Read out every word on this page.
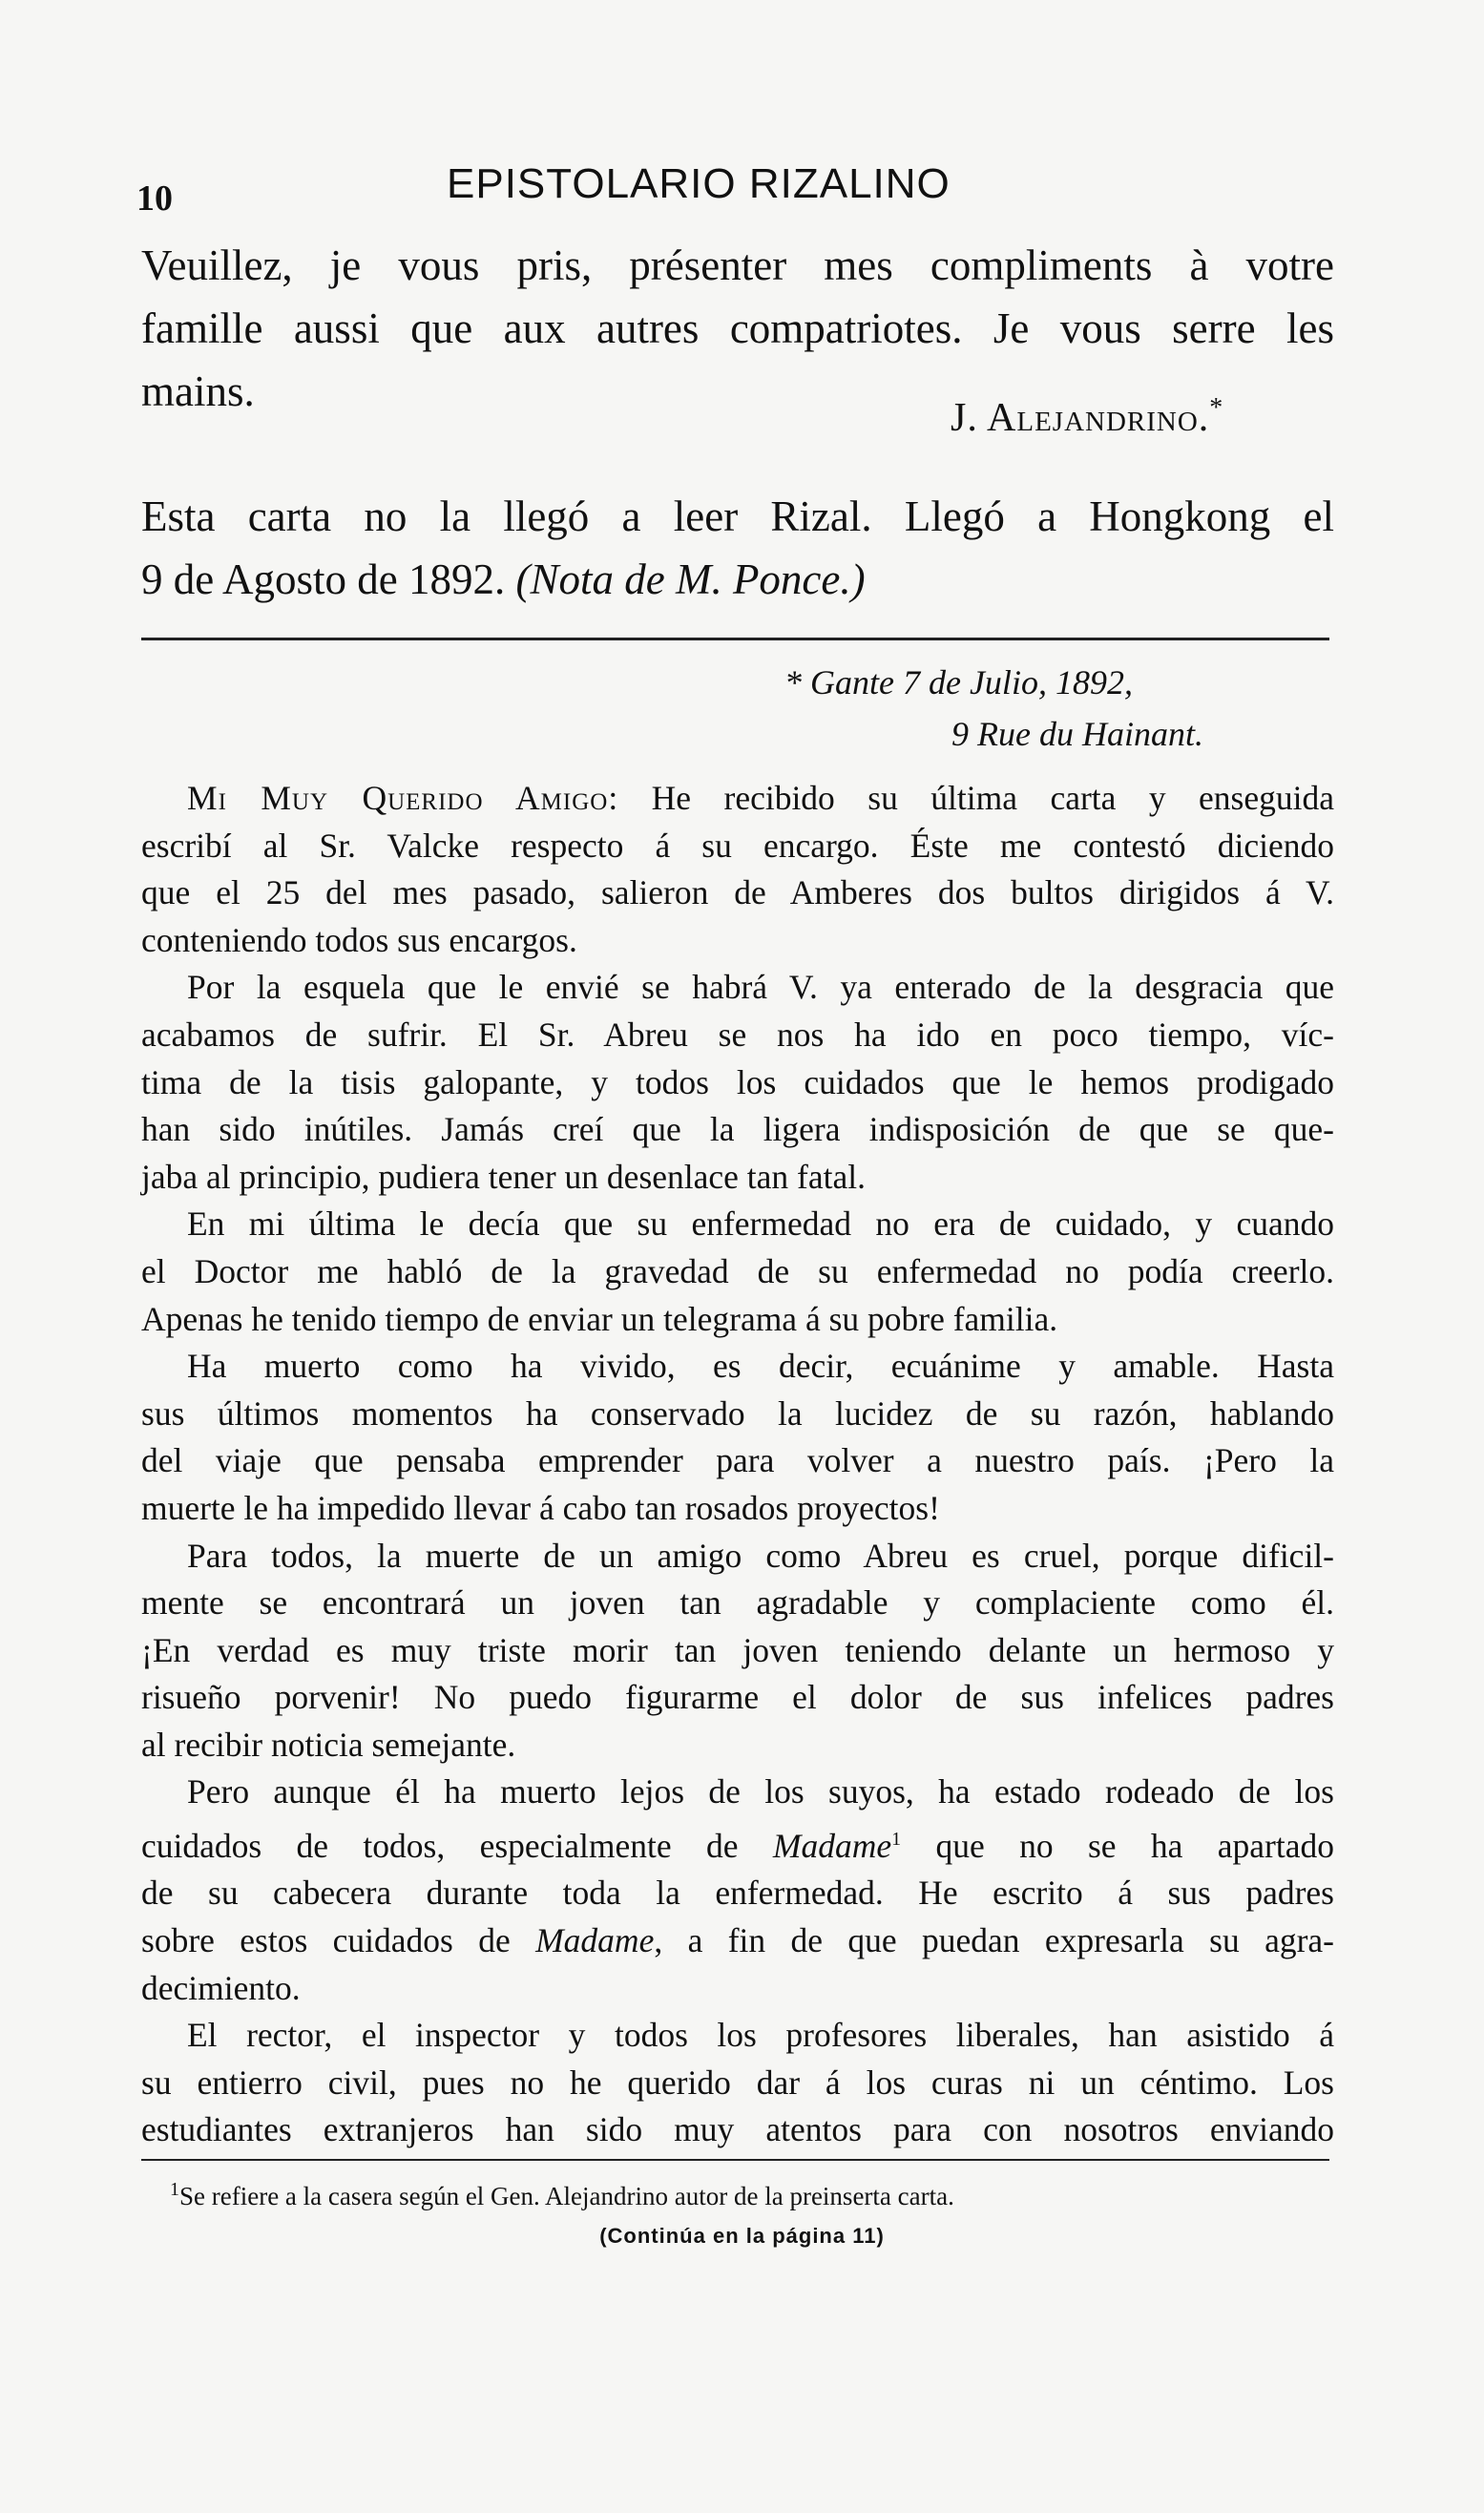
10	EPISTOLARIO RIZALINO
Veuillez, je vous pris, présenter mes compliments à votre
famille aussi que aux autres compatriotes. Je vous serre les
mains.
J. Alejandrino.*
Esta carta no la llegó a leer Rizal. Llegó a Hongkong el
9 de Agosto de 1892. (Nota de M. Ponce.)
* Gante 7 de Julio, 1892,
9 Rue du Hainant.
Mi Muy Querido Amigo: He recibido su última carta y enseguida
escribí al Sr. Valcke respecto á su encargo. Éste me contestó diciendo
que el 25 del mes pasado, salieron de Amberes dos bultos dirigidos á V.
conteniendo todos sus encargos.
Por la esquela que le envié se habrá V. ya enterado de la desgracia que
acabamos de sufrir. El Sr. Abreu se nos ha ido en poco tiempo, víc-
tima de la tisis galopante, y todos los cuidados que le hemos prodigado
han sido inútiles. Jamás creí que la ligera indisposición de que se que-
jaba al principio, pudiera tener un desenlace tan fatal.
En mi última le decía que su enfermedad no era de cuidado, y cuando
el Doctor me habló de la gravedad de su enfermedad no podía creerlo.
Apenas he tenido tiempo de enviar un telegrama á su pobre familia.
Ha muerto como ha vivido, es decir, ecuánime y amable. Hasta
sus últimos momentos ha conservado la lucidez de su razón, hablando
del viaje que pensaba emprender para volver a nuestro país. ¡Pero la
muerte le ha impedido llevar á cabo tan rosados proyectos!
Para todos, la muerte de un amigo como Abreu es cruel, porque dificil-
mente se encontrará un joven tan agradable y complaciente como él.
¡En verdad es muy triste morir tan joven teniendo delante un hermoso y
risueño porvenir! No puedo figurarme el dolor de sus infelices padres
al recibir noticia semejante.
Pero aunque él ha muerto lejos de los suyos, ha estado rodeado de los
cuidados de todos, especialmente de Madame$^1$ que no se ha apartado
de su cabecera durante toda la enfermedad. He escrito á sus padres
sobre estos cuidados de Madame, a fin de que puedan expresarla su agra-
decimiento.
El rector, el inspector y todos los profesores liberales, han asistido á
su entierro civil, pues no he querido dar á los curas ni un céntimo. Los
estudiantes extranjeros han sido muy atentos para con nosotros enviando
$^1$Se refiere a la casera según el Gen. Alejandrino autor de la preinserta carta.
(Continúa en la página 11)
